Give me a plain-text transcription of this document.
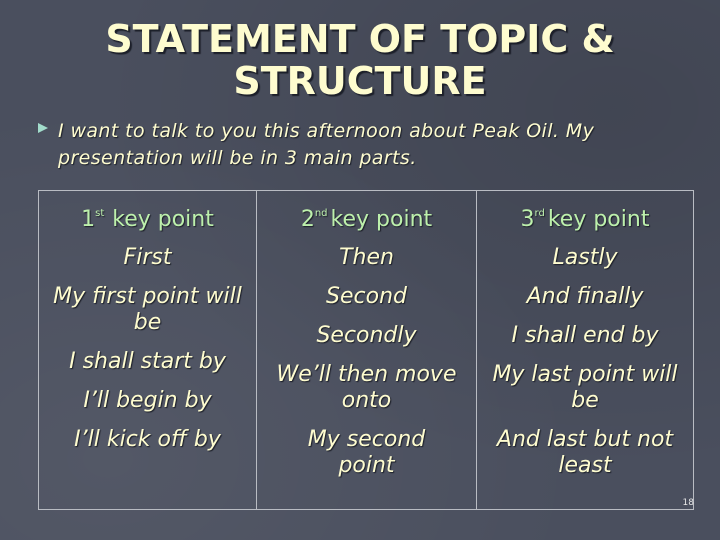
STATEMENT OF TOPIC &
STRUCTURE
I want to talk to you this afternoon about Peak Oil. My presentation will be in 3 main parts.
1st key point
First
My first point will be
I shall start by
I’ll begin by
I’ll kick off by
2nd key point
Then
Second
Secondly
We’ll then move onto
My second point
3rd key point
Lastly
And finally
I shall end by
My last point will be
And last but not least
18
